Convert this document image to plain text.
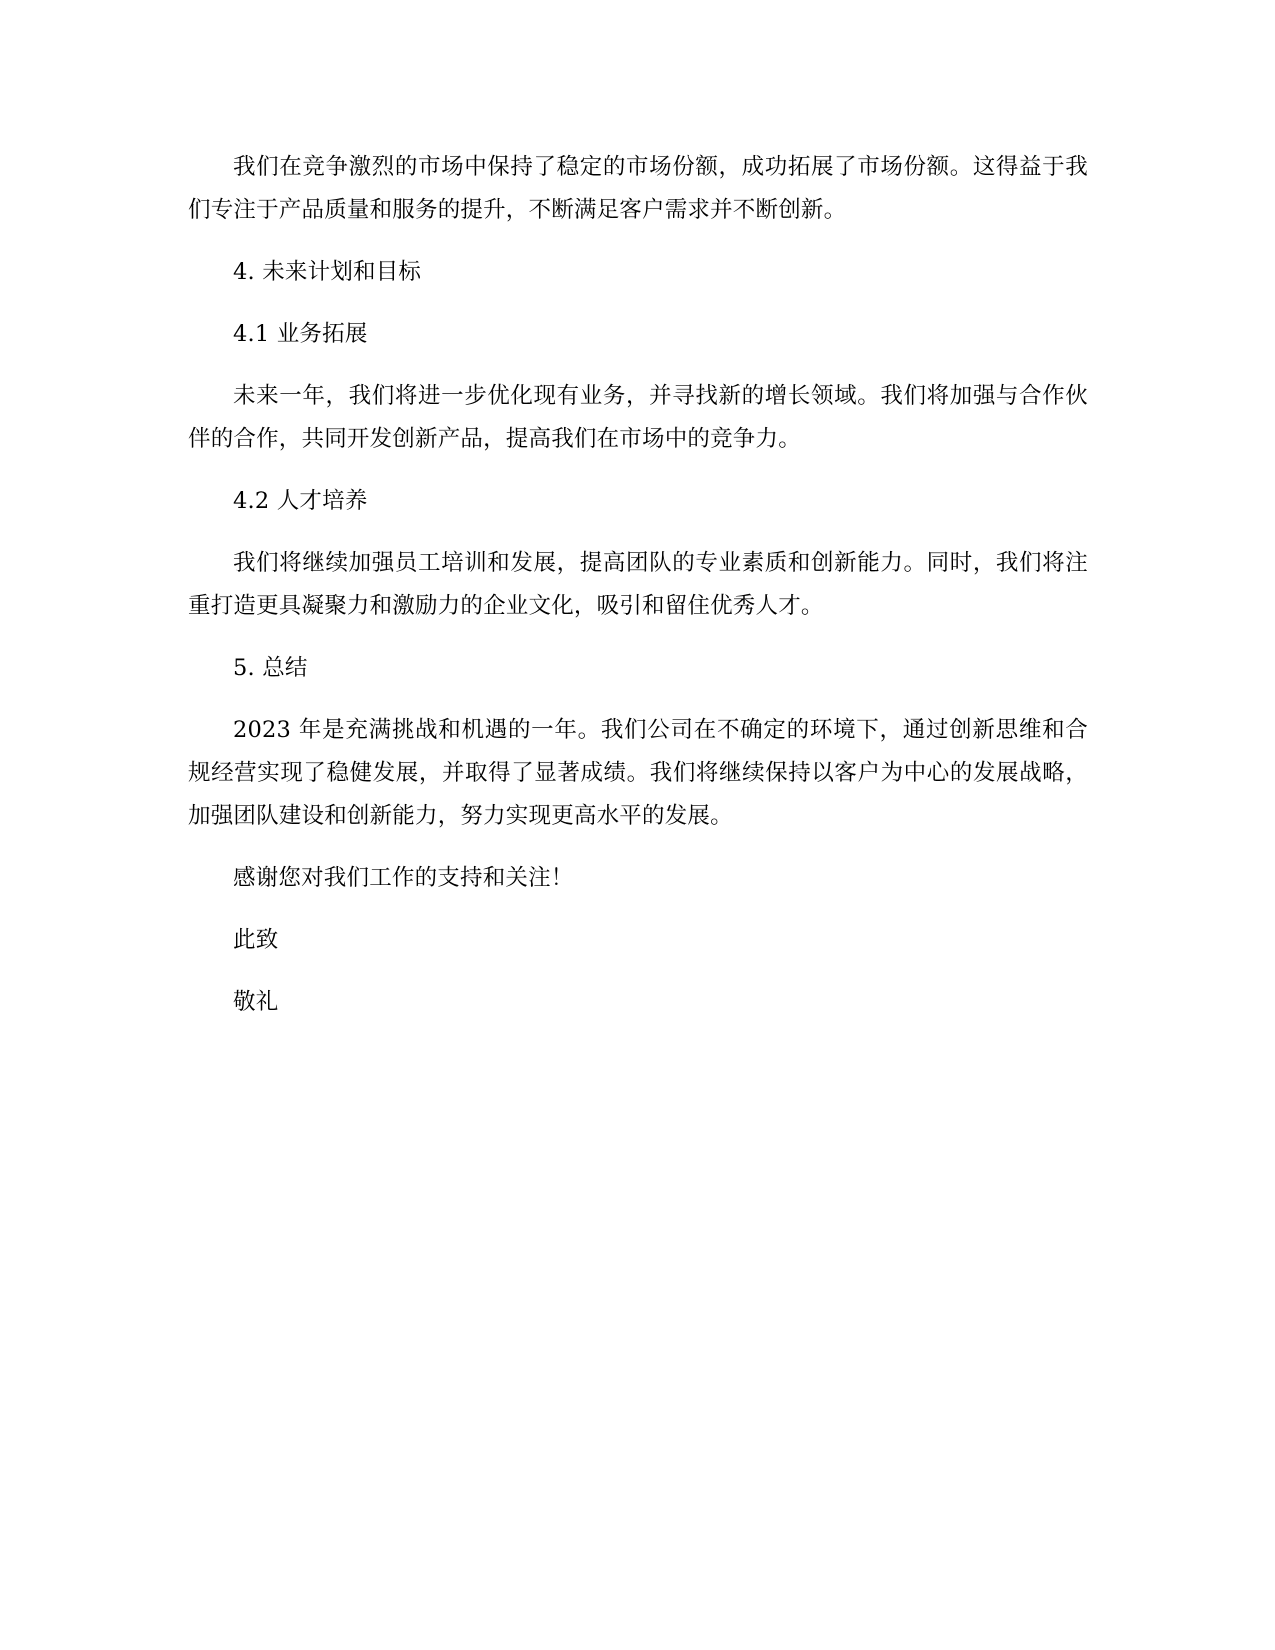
我们在竞争激烈的市场中保持了稳定的市场份额，成功拓展了市场份额。这得益于我们专注于产品质量和服务的提升，不断满足客户需求并不断创新。

4. 未来计划和目标

4.1 业务拓展

未来一年，我们将进一步优化现有业务，并寻找新的增长领域。我们将加强与合作伙伴的合作，共同开发创新产品，提高我们在市场中的竞争力。

4.2 人才培养

我们将继续加强员工培训和发展，提高团队的专业素质和创新能力。同时，我们将注重打造更具凝聚力和激励力的企业文化，吸引和留住优秀人才。

5. 总结

2023 年是充满挑战和机遇的一年。我们公司在不确定的环境下，通过创新思维和合规经营实现了稳健发展，并取得了显著成绩。我们将继续保持以客户为中心的发展战略，加强团队建设和创新能力，努力实现更高水平的发展。

感谢您对我们工作的支持和关注！

此致

敬礼
